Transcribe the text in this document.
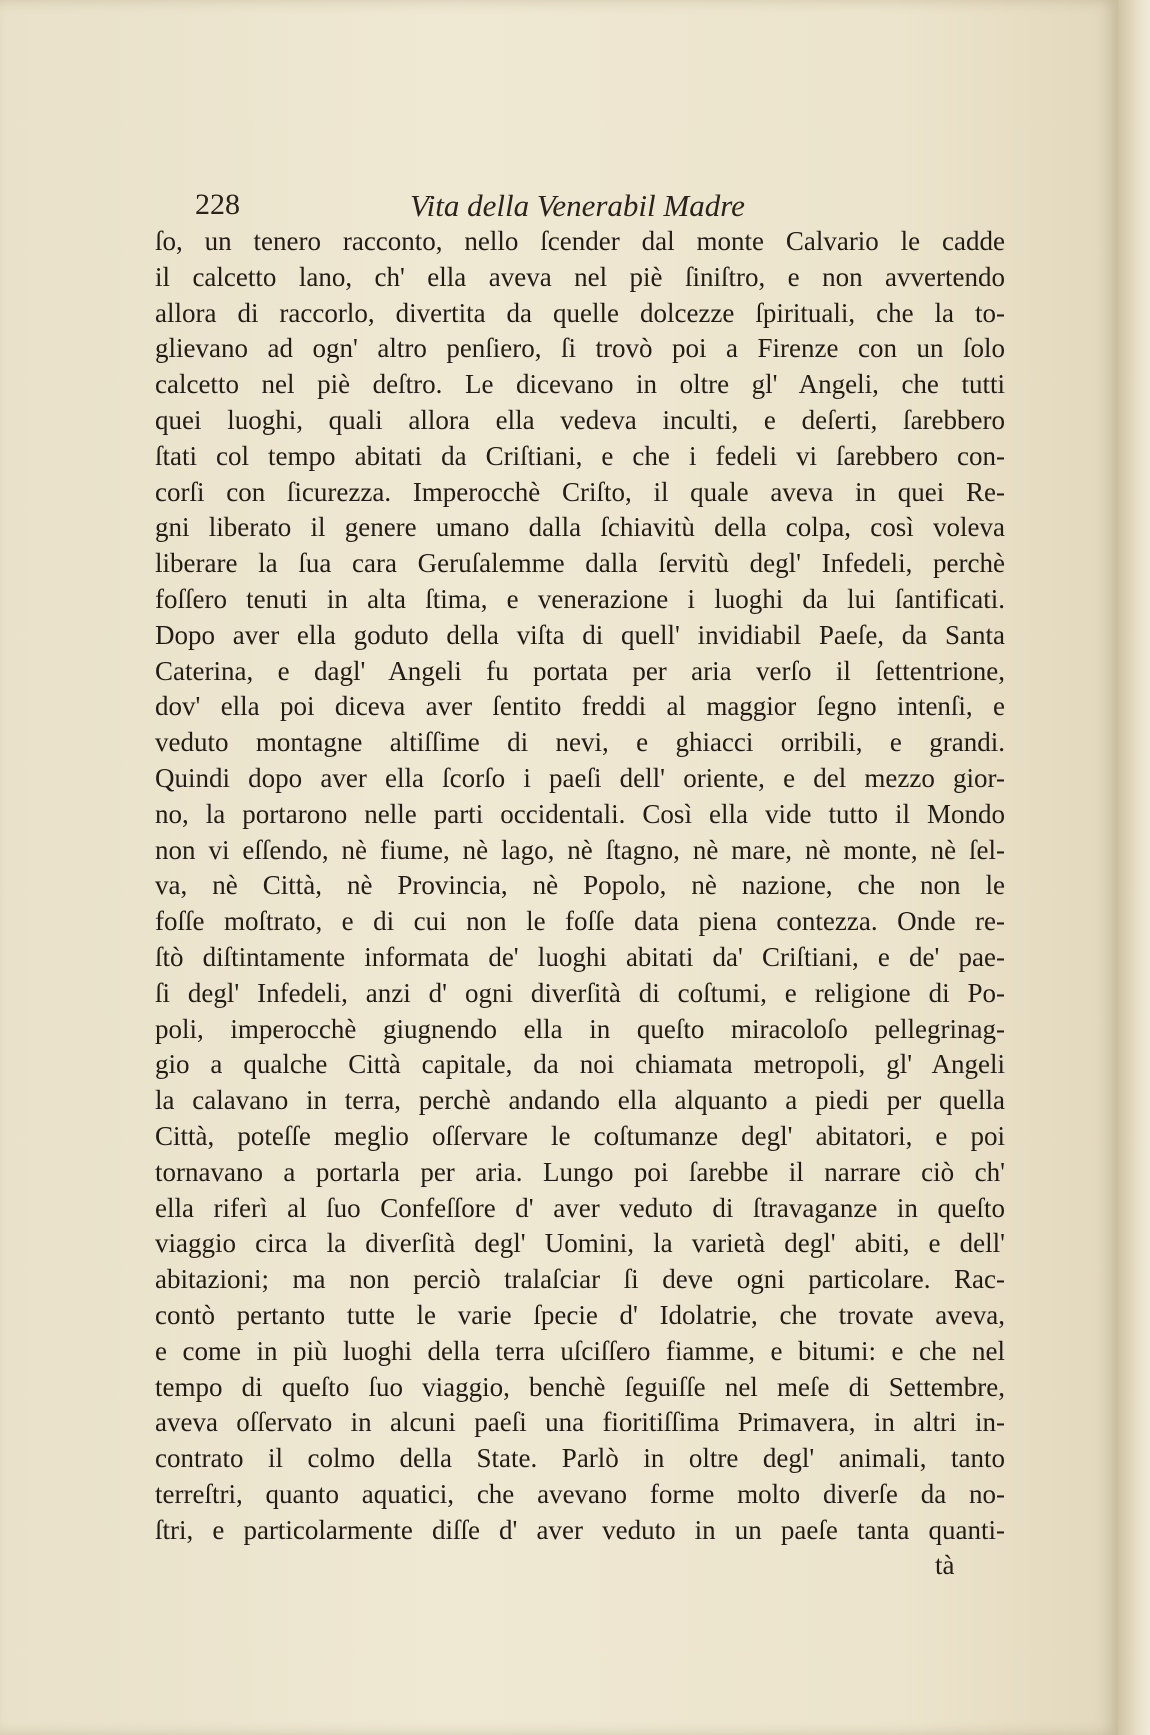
228	Vita della Venerabil Madre
ſo, un tenero racconto, nello ſcender dal monte Calvario le cadde
il calcetto lano, ch' ella aveva nel piè ſiniſtro, e non avvertendo
allora di raccorlo, divertita da quelle dolcezze ſpirituali, che la to-
glievano ad ogn' altro penſiero, ſi trovò poi a Firenze con un ſolo
calcetto nel piè deſtro. Le dicevano in oltre gl' Angeli, che tutti
quei luoghi, quali allora ella vedeva inculti, e deſerti, ſarebbero
ſtati col tempo abitati da Criſtiani, e che i fedeli vi ſarebbero con-
corſi con ſicurezza. Imperocchè Criſto, il quale aveva in quei Re-
gni liberato il genere umano dalla ſchiavitù della colpa, così voleva
liberare la ſua cara Geruſalemme dalla ſervitù degl' Infedeli, perchè
foſſero tenuti in alta ſtima, e venerazione i luoghi da lui ſantificati.
Dopo aver ella goduto della viſta di quell' invidiabil Paeſe, da Santa
Caterina, e dagl' Angeli fu portata per aria verſo il ſettentrione,
dov' ella poi diceva aver ſentito freddi al maggior ſegno intenſi, e
veduto montagne altiſſime di nevi, e ghiacci orribili, e grandi.
Quindi dopo aver ella ſcorſo i paeſi dell' oriente, e del mezzo gior-
no, la portarono nelle parti occidentali. Così ella vide tutto il Mondo
non vi eſſendo, nè fiume, nè lago, nè ſtagno, nè mare, nè monte, nè ſel-
va, nè Città, nè Provincia, nè Popolo, nè nazione, che non le
foſſe moſtrato, e di cui non le foſſe data piena contezza. Onde re-
ſtò diſtintamente informata de' luoghi abitati da' Criſtiani, e de' pae-
ſi degl' Infedeli, anzi d' ogni diverſità di coſtumi, e religione di Po-
poli, imperocchè giugnendo ella in queſto miracoloſo pellegrinag-
gio a qualche Città capitale, da noi chiamata metropoli, gl' Angeli
la calavano in terra, perchè andando ella alquanto a piedi per quella
Città, poteſſe meglio oſſervare le coſtumanze degl' abitatori, e poi
tornavano a portarla per aria. Lungo poi ſarebbe il narrare ciò ch'
ella riferì al ſuo Confeſſore d' aver veduto di ſtravaganze in queſto
viaggio circa la diverſità degl' Uomini, la varietà degl' abiti, e dell'
abitazioni; ma non perciò tralaſciar ſi deve ogni particolare. Rac-
contò pertanto tutte le varie ſpecie d' Idolatrie, che trovate aveva,
e come in più luoghi della terra uſciſſero fiamme, e bitumi: e che nel
tempo di queſto ſuo viaggio, benchè ſeguiſſe nel meſe di Settembre,
aveva oſſervato in alcuni paeſi una fioritiſſima Primavera, in altri in-
contrato il colmo della State. Parlò in oltre degl' animali, tanto
terreſtri, quanto aquatici, che avevano forme molto diverſe da no-
ſtri, e particolarmente diſſe d' aver veduto in un paeſe tanta quanti-
tà
